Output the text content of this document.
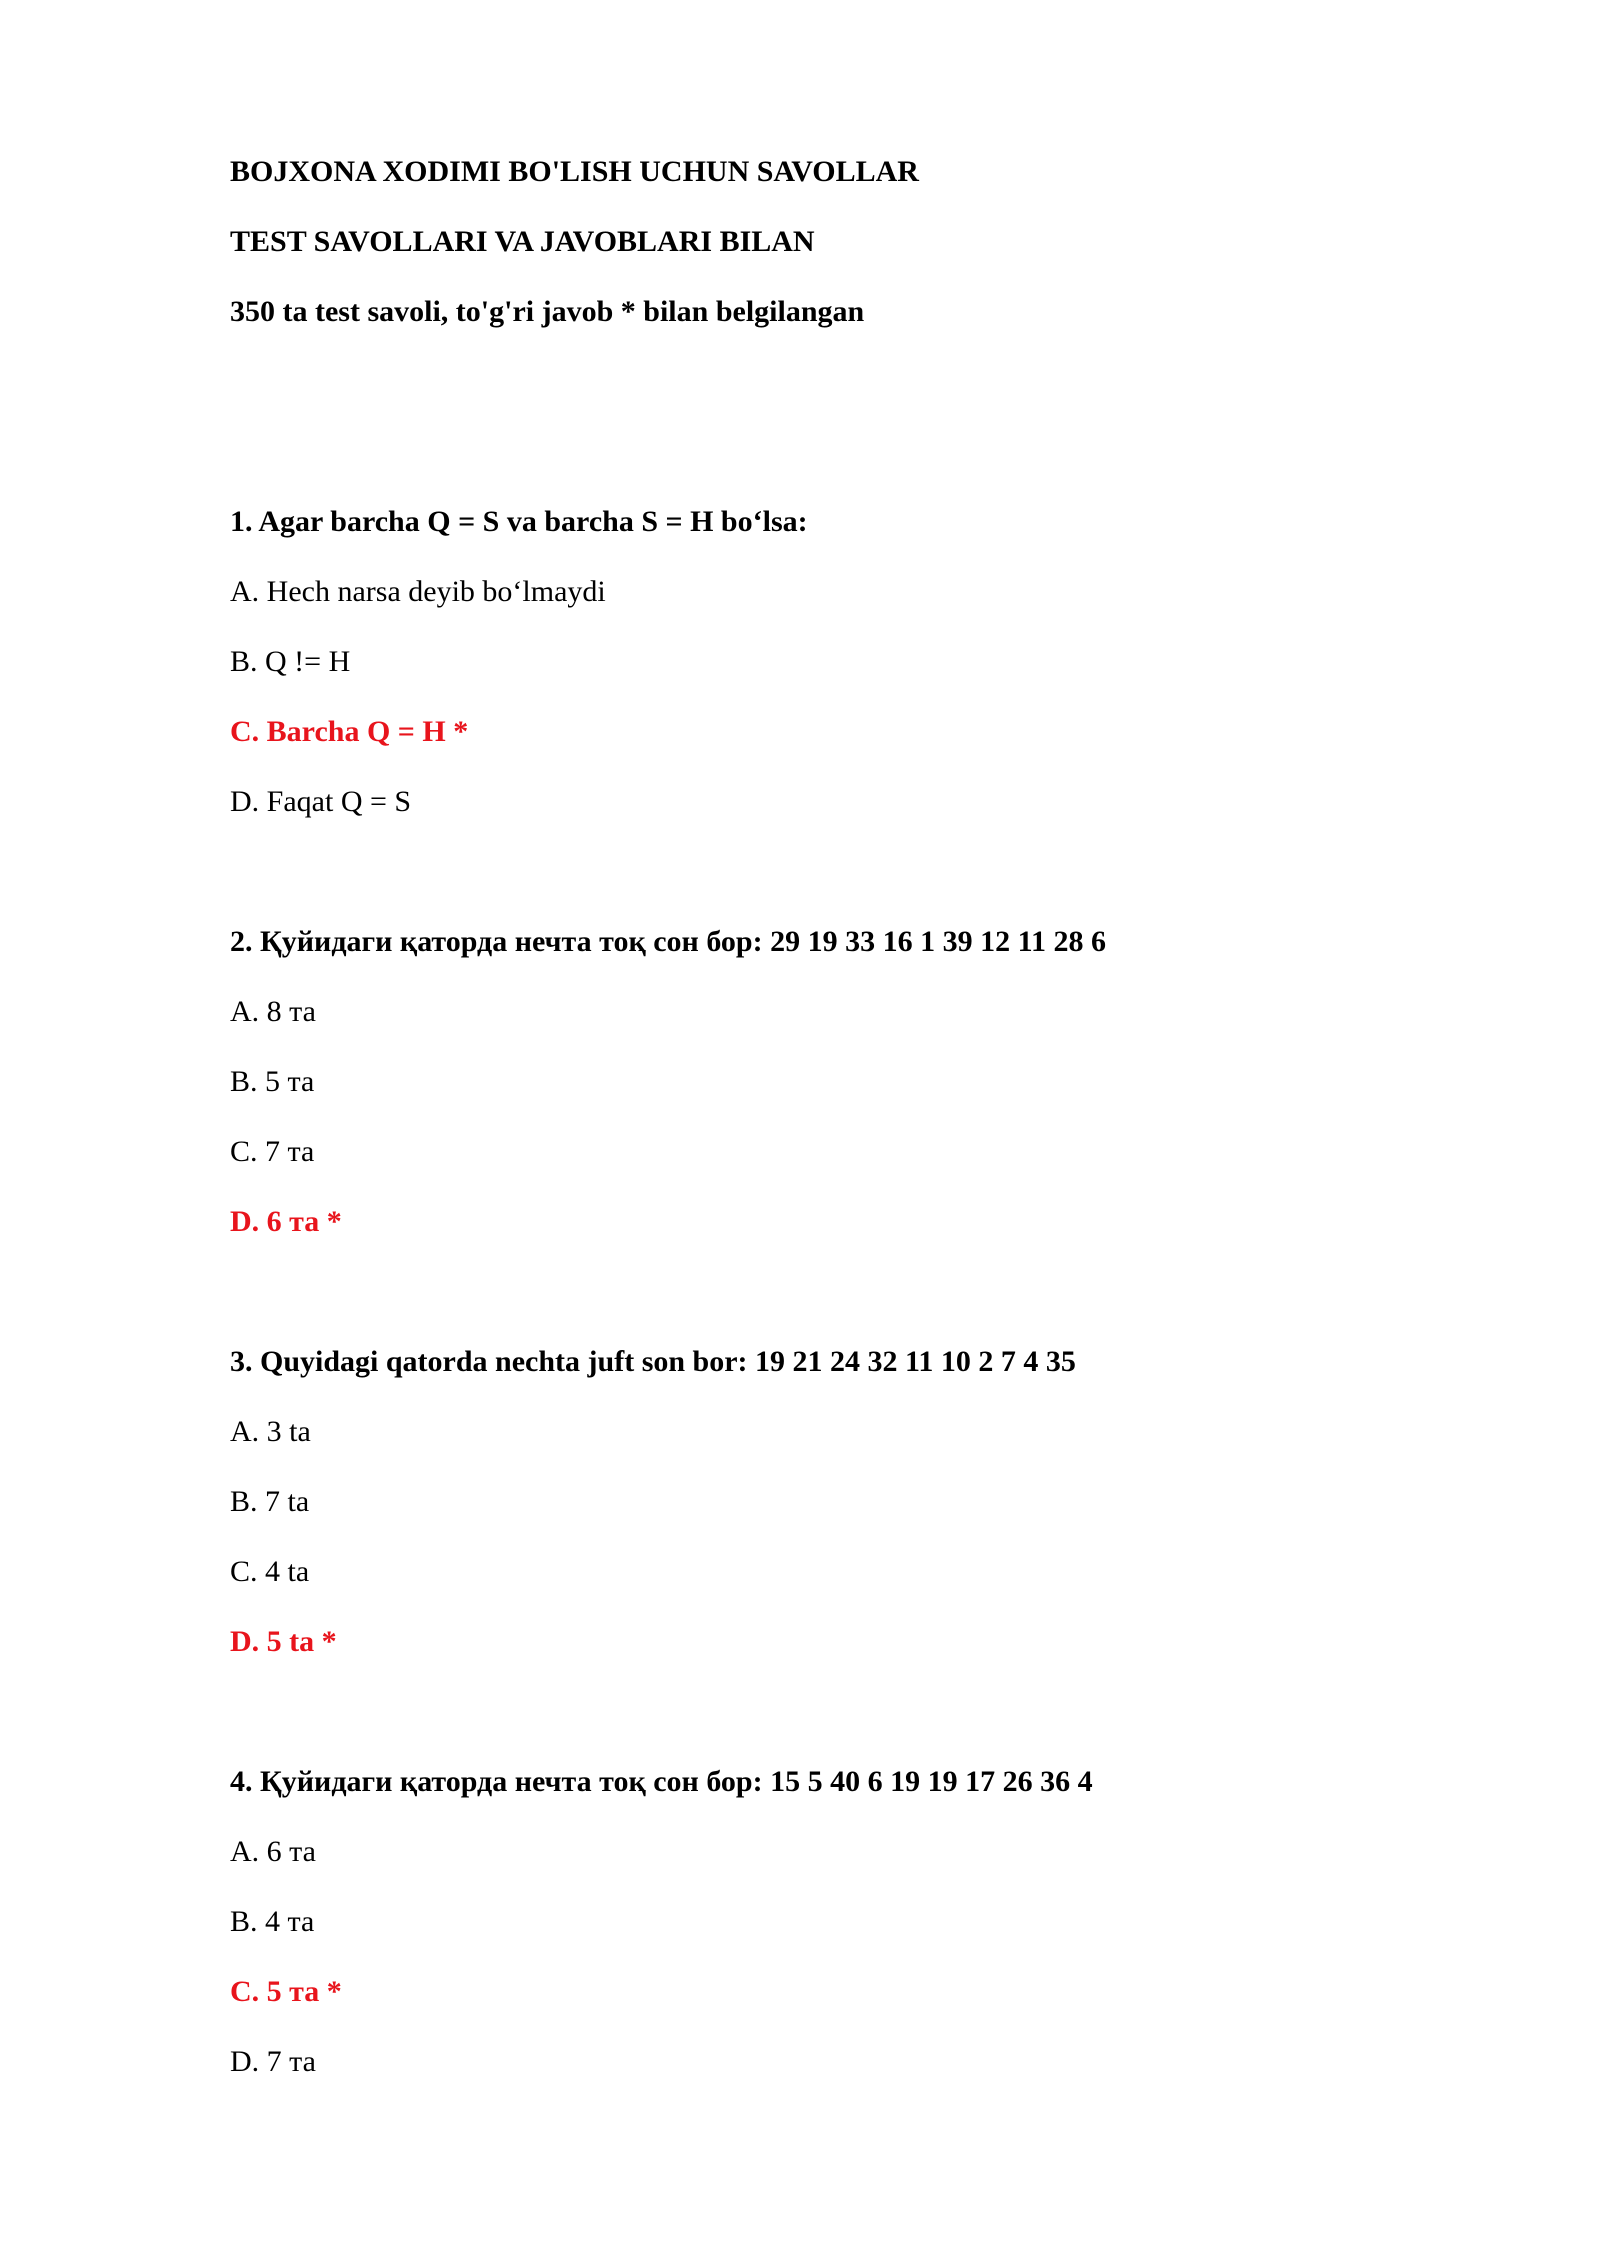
BOJXONA XODIMI BO'LISH UCHUN SAVOLLAR
TEST SAVOLLARI VA JAVOBLARI BILAN
350 ta test savoli, to'g'ri javob * bilan belgilangan
1. Agar barcha Q = S va barcha S = H bo‘lsa:
A. Hech narsa deyib bo‘lmaydi
B. Q != H
C. Barcha Q = H *
D. Faqat Q = S
2. Қуйидаги қаторда нечта тоқ сон бор: 29 19 33 16 1 39 12 11 28 6
A. 8 та
B. 5 та
C. 7 та
D. 6 та *
3. Quyidagi qatorda nechta juft son bor: 19 21 24 32 11 10 2 7 4 35
A. 3 ta
B. 7 ta
C. 4 ta
D. 5 ta *
4. Қуйидаги қаторда нечта тоқ сон бор: 15 5 40 6 19 19 17 26 36 4
A. 6 та
B. 4 та
C. 5 та *
D. 7 та
